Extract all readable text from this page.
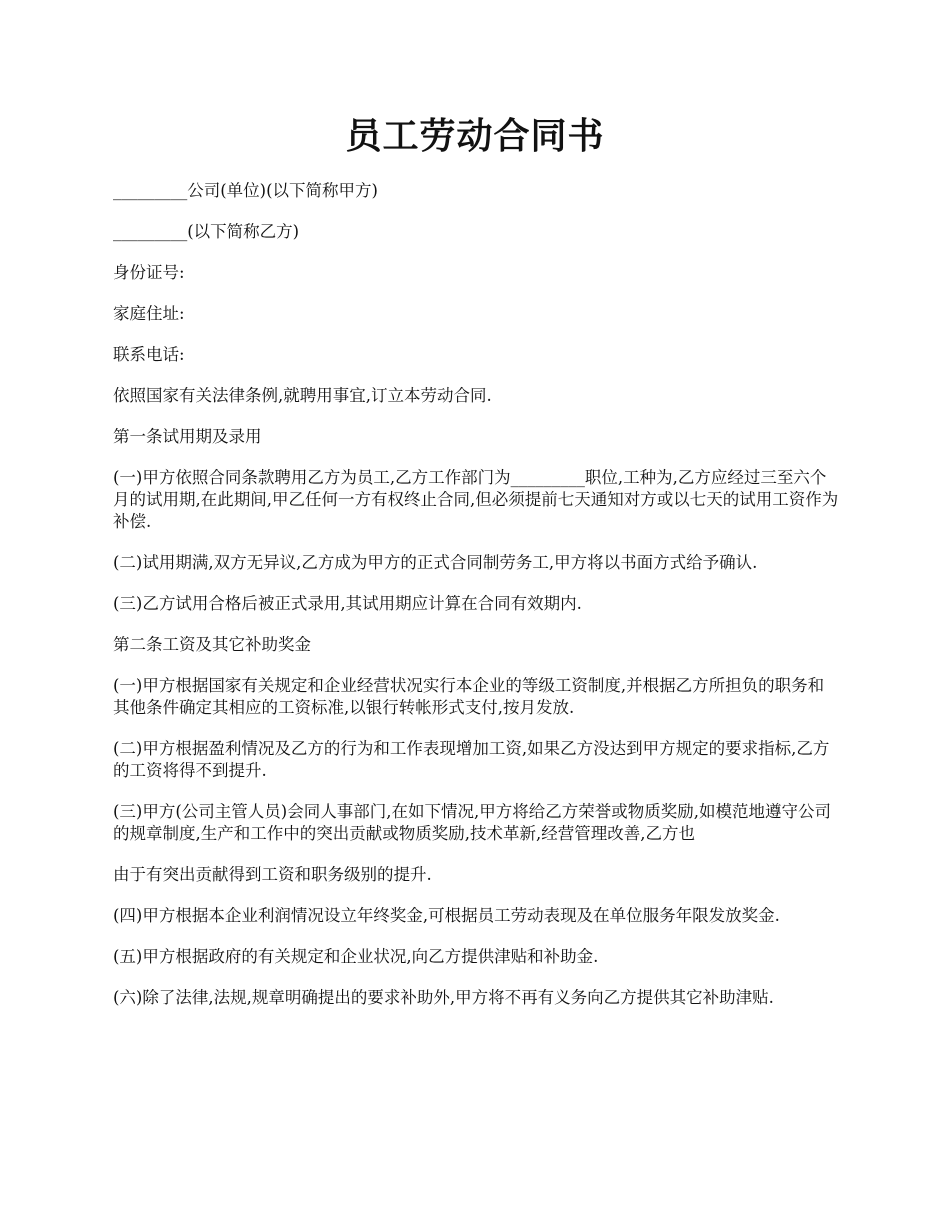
员工劳动合同书

_________公司(单位)(以下简称甲方)

_________(以下简称乙方)

身份证号:

家庭住址:

联系电话:

依照国家有关法律条例,就聘用事宜,订立本劳动合同.

第一条试用期及录用

(一)甲方依照合同条款聘用乙方为员工,乙方工作部门为_________职位,工种为,乙方应经过三至六个月的试用期,在此期间,甲乙任何一方有权终止合同,但必须提前七天通知对方或以七天的试用工资作为补偿.

(二)试用期满,双方无异议,乙方成为甲方的正式合同制劳务工,甲方将以书面方式给予确认.

(三)乙方试用合格后被正式录用,其试用期应计算在合同有效期内.

第二条工资及其它补助奖金

(一)甲方根据国家有关规定和企业经营状况实行本企业的等级工资制度,并根据乙方所担负的职务和其他条件确定其相应的工资标准,以银行转帐形式支付,按月发放.

(二)甲方根据盈利情况及乙方的行为和工作表现增加工资,如果乙方没达到甲方规定的要求指标,乙方的工资将得不到提升.

(三)甲方(公司主管人员)会同人事部门,在如下情况,甲方将给乙方荣誉或物质奖励,如模范地遵守公司的规章制度,生产和工作中的突出贡献或物质奖励,技术革新,经营管理改善,乙方也

由于有突出贡献得到工资和职务级别的提升.

(四)甲方根据本企业利润情况设立年终奖金,可根据员工劳动表现及在单位服务年限发放奖金.

(五)甲方根据政府的有关规定和企业状况,向乙方提供津贴和补助金.

(六)除了法律,法规,规章明确提出的要求补助外,甲方将不再有义务向乙方提供其它补助津贴.
